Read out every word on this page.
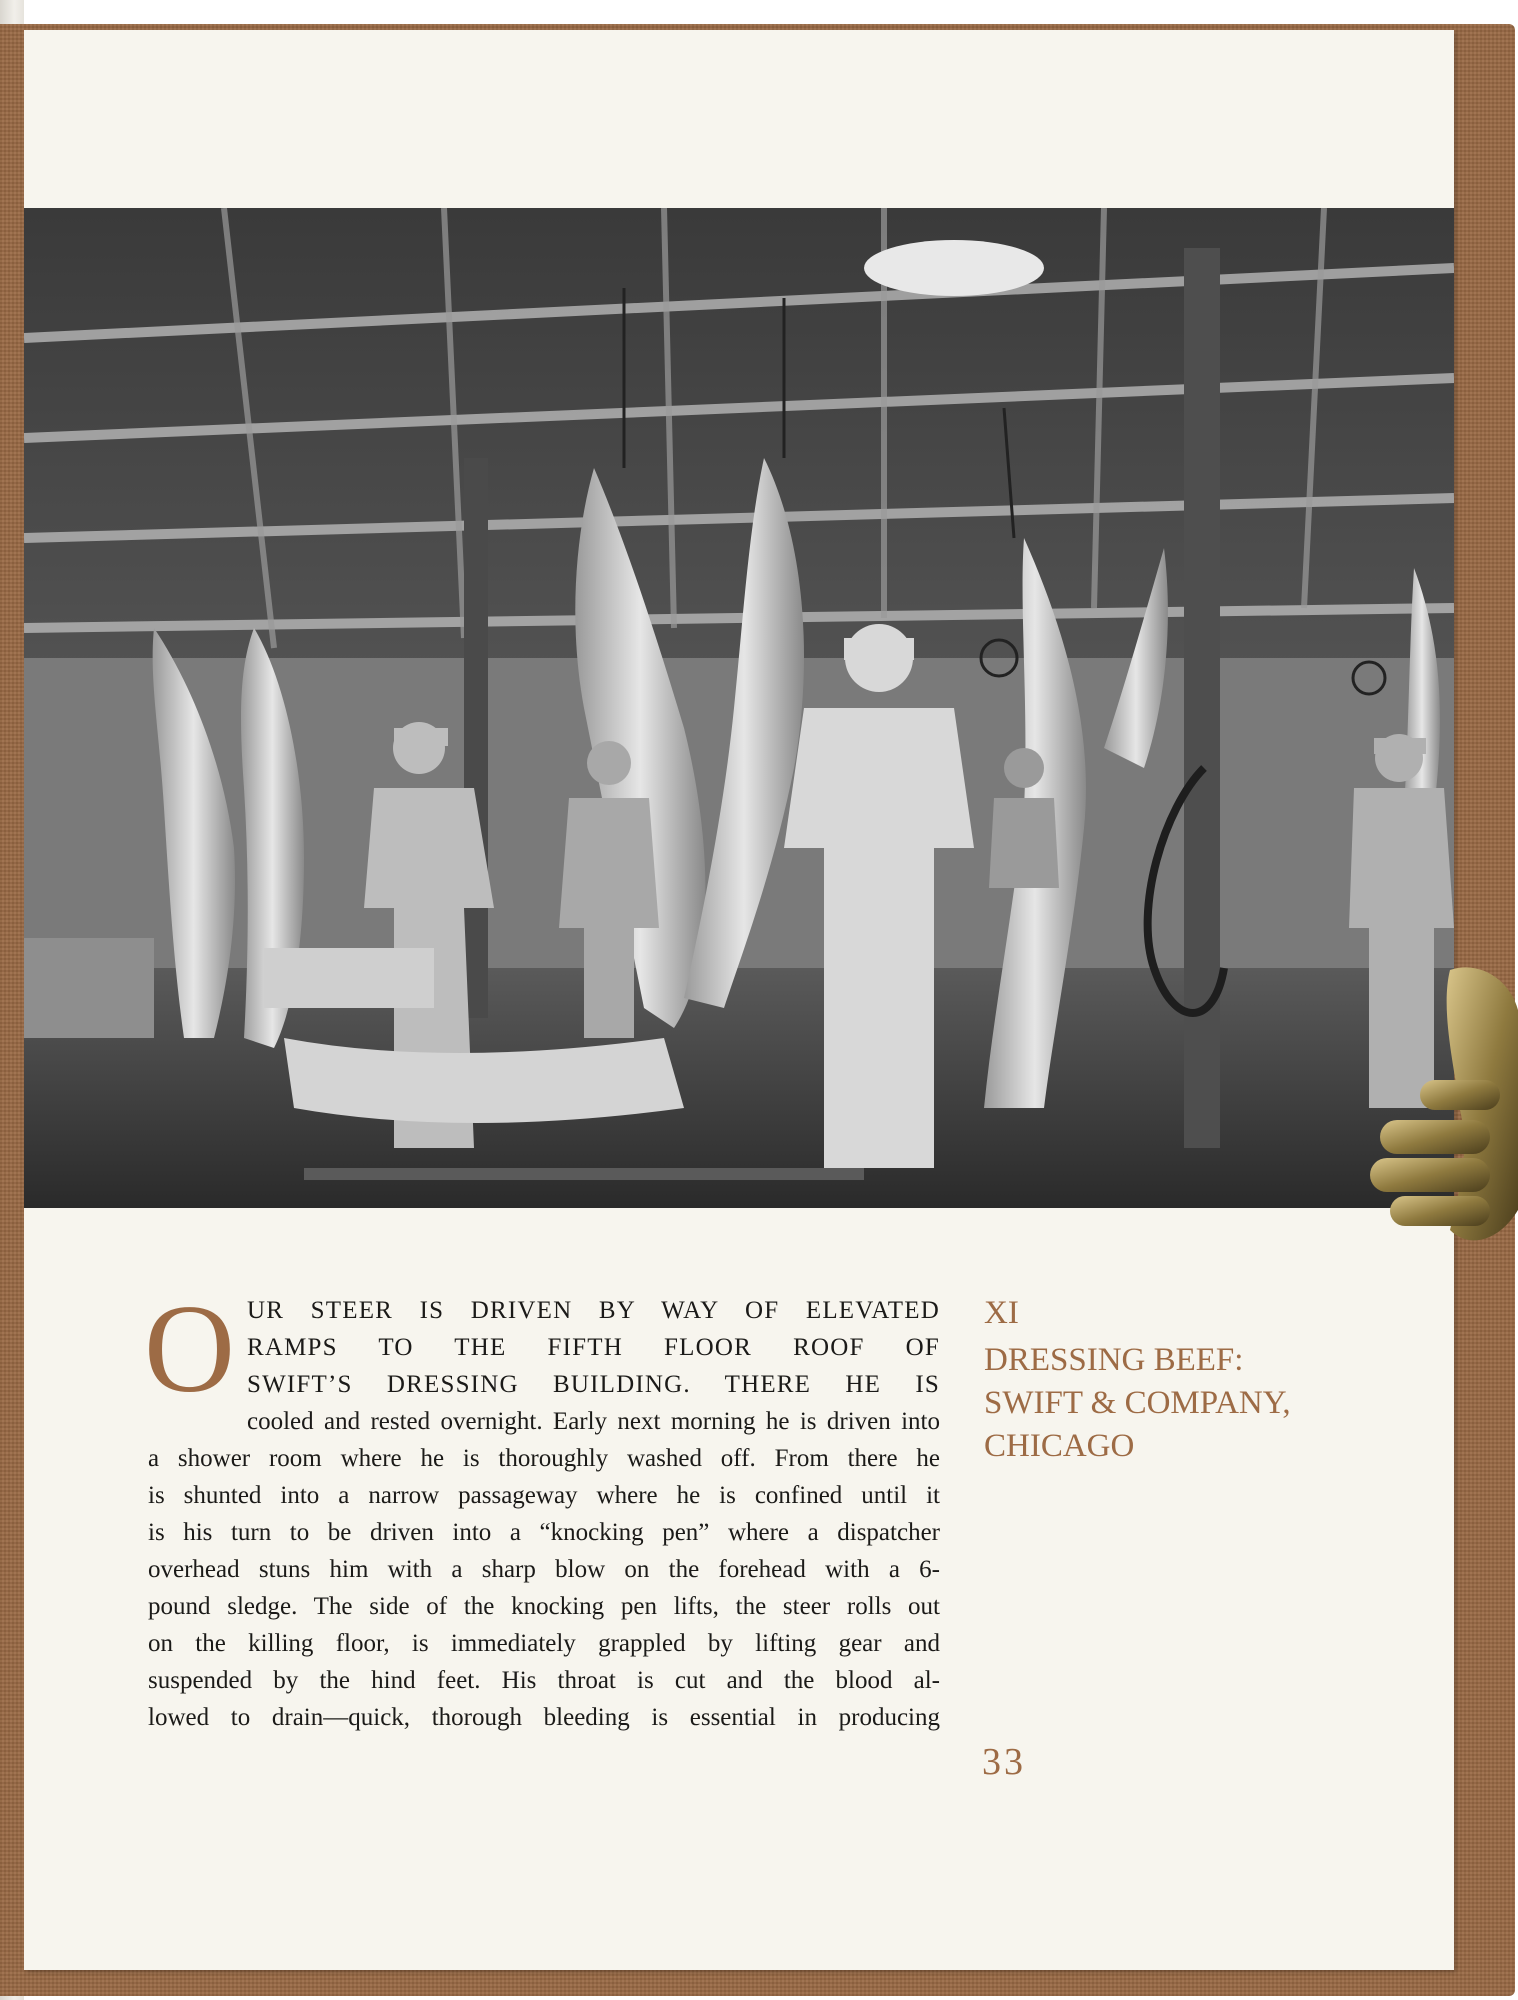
O UR STEER IS DRIVEN BY WAY OF ELEVATED
RAMPS TO THE FIFTH FLOOR ROOF OF
SWIFT’S DRESSING BUILDING. THERE HE IS
cooled and rested overnight. Early next morning he is driven into
a shower room where he is thoroughly washed off. From there he
is shunted into a narrow passageway where he is confined until it
is his turn to be driven into a “knocking pen” where a dispatcher
overhead stuns him with a sharp blow on the forehead with a 6-
pound sledge. The side of the knocking pen lifts, the steer rolls out
on the killing floor, is immediately grappled by lifting gear and
suspended by the hind feet. His throat is cut and the blood al-
lowed to drain—quick, thorough bleeding is essential in producing
XI
DRESSING BEEF:
SWIFT & COMPANY,
CHICAGO
33
